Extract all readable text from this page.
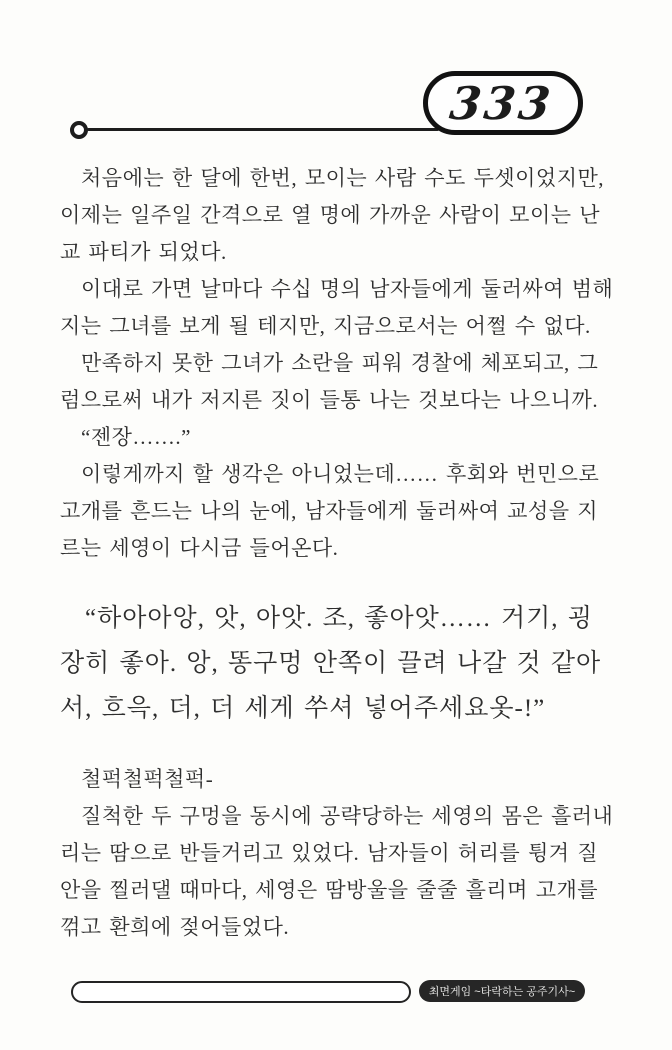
333
처음에는 한 달에 한번, 모이는 사람 수도 두셋이었지만,
이제는 일주일 간격으로 열 명에 가까운 사람이 모이는 난
교 파티가 되었다.
이대로 가면 날마다 수십 명의 남자들에게 둘러싸여 범해
지는 그녀를 보게 될 테지만, 지금으로서는 어쩔 수 없다.
만족하지 못한 그녀가 소란을 피워 경찰에 체포되고, 그
럼으로써 내가 저지른 짓이 들통 나는 것보다는 나으니까.
“젠장…….”
이렇게까지 할 생각은 아니었는데…… 후회와 번민으로
고개를 흔드는 나의 눈에, 남자들에게 둘러싸여 교성을 지
르는 세영이 다시금 들어온다.
“하아아앙, 앗, 아앗. 조, 좋아앗…… 거기, 굉
장히 좋아. 앙, 똥구멍 안쪽이 끌려 나갈 것 같아
서, 흐윽, 더, 더 세게 쑤셔 넣어주세요옷-!”
철퍽철퍽철퍽-
질척한 두 구멍을 동시에 공략당하는 세영의 몸은 흘러내
리는 땀으로 반들거리고 있었다. 남자들이 허리를 튕겨 질
안을 찔러댈 때마다, 세영은 땀방울을 줄줄 흘리며 고개를
꺾고 환희에 젖어들었다.
최면게임 ~타락하는 공주기사~
